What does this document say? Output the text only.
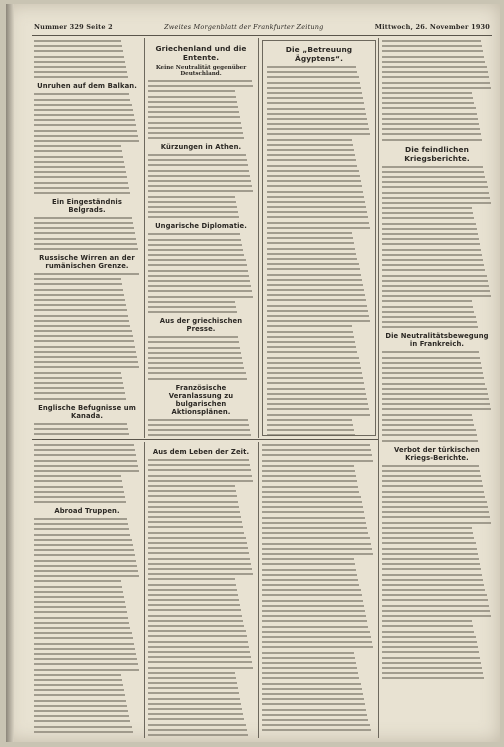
Nummer 329 Seite 2	Zweites Morgenblatt der Frankfurter Zeitung	Mittwoch, 26. November 1930
Unruhen auf dem Balkan.
Ein Eingeständnis Belgrads.
Russische Wirren an der rumänischen Grenze.
Englische Befugnisse um Kanada.
Griechenland und die Entente.
Keine Neutralität gegenüber Deutschland.
Kürzungen in Athen.
Ungarische Diplomatie.
Aus der griechischen Presse.
Französische Veranlassung zu bulgarischen Aktionsplänen.
Die „Betreuung Ägyptens“.
Die feindlichen Kriegsberichte.
Die Neutralitätsbewegung in Frankreich.
Verbot der türkischen Kriegs-Berichte.
Abroad Truppen.
Aus dem Leben der Zeit.
